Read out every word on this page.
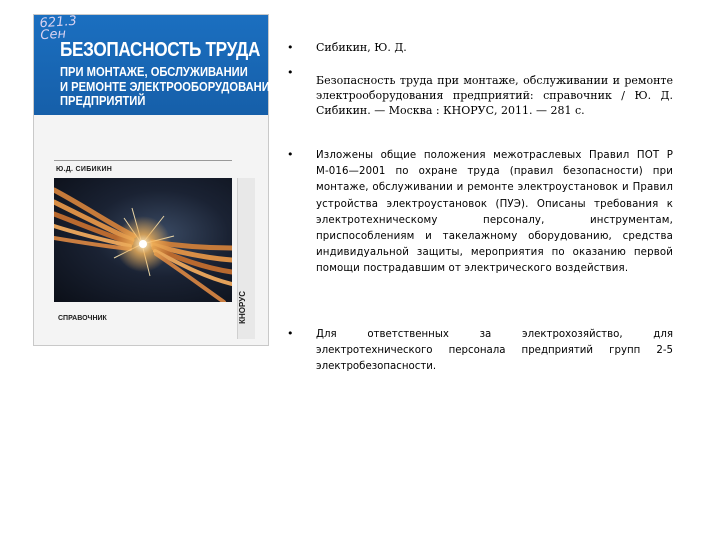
621.3
Сен
БЕЗОПАСНОСТЬ ТРУДА
ПРИ МОНТАЖЕ, ОБСЛУЖИВАНИИ
И РЕМОНТЕ ЭЛЕКТРООБОРУДОВАНИЯ
ПРЕДПРИЯТИЙ
Ю.Д. СИБИКИН
СПРАВОЧНИК	КНОРУС
• Сибикин, Ю. Д.
•
Безопасность труда при монтаже, обслуживании и ремонте электрооборудования предприятий: справочник / Ю. Д. Сибикин. — Москва : КНОРУС, 2011. — 281 с.
• Изложены общие положения межотраслевых Правил ПОТ Р М-016—2001 по охране труда (правил безопасности) при монтаже, обслуживании и ремонте электроустановок и Правил устройства электроустановок (ПУЭ). Описаны требования к электротехническому персоналу, инструментам, приспособлениям и такелажному оборудованию, средства индивидуальной защиты, мероприятия по оказанию первой помощи пострадавшим от электрического воздействия.
• Для ответственных за электрохозяйство, для электротехнического персонала предприятий групп 2-5 электробезопасности.
